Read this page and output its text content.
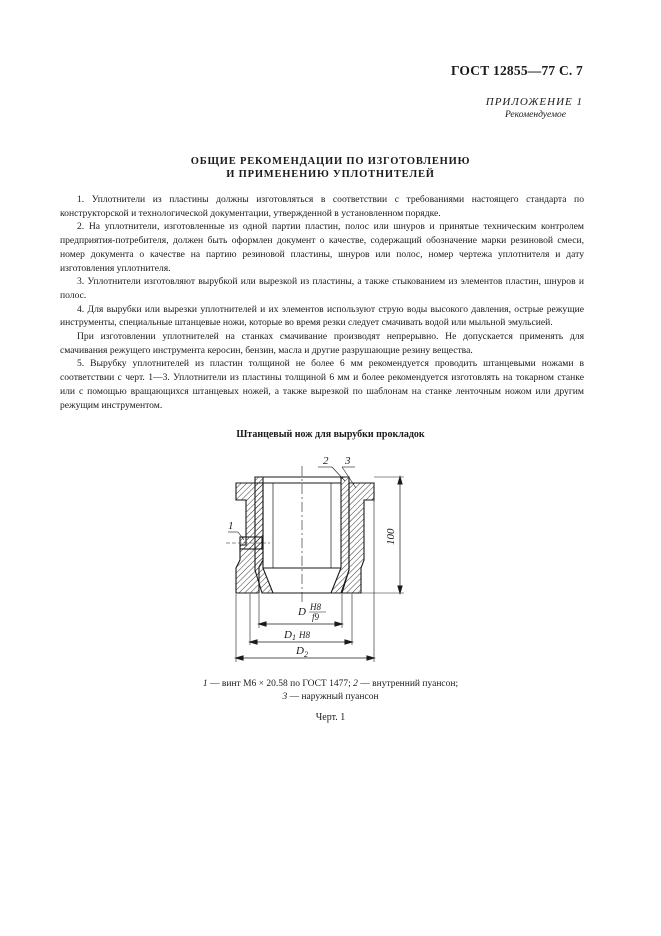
ГОСТ 12855—77 С. 7
ПРИЛОЖЕНИЕ 1
Рекомендуемое
ОБЩИЕ РЕКОМЕНДАЦИИ ПО ИЗГОТОВЛЕНИЮ
И ПРИМЕНЕНИЮ УПЛОТНИТЕЛЕЙ

1. Уплотнители из пластины должны изготовляться в соответствии с требованиями настоящего стандарта по конструкторской и технологической документации, утвержденной в установленном порядке.

2. На уплотнители, изготовленные из одной партии пластин, полос или шнуров и принятые техническим контролем предприятия-потребителя, должен быть оформлен документ о качестве, содержащий обозначение марки резиновой смеси, номер документа о качестве на партию резиновой пластины, шнуров или полос, номер чертежа уплотнителя и дату изготовления уплотнителя.

3. Уплотнители изготовляют вырубкой или вырезкой из пластины, а также стыкованием из элементов пластин, шнуров и полос.

4. Для вырубки или вырезки уплотнителей и их элементов используют струю воды высокого давления, острые режущие инструменты, специальные штанцевые ножи, которые во время резки следует смачивать водой или мыльной эмульсией.

При изготовлении уплотнителей на станках смачивание производят непрерывно. Не допускается применять для смачивания режущего инструмента керосин, бензин, масла и другие разрушающие резину вещества.

5. Вырубку уплотнителей из пластин толщиной не более 6 мм рекомендуется проводить штанцевыми ножами в соответствии с черт. 1—3. Уплотнители из пластины толщиной 6 мм и более рекомендуется изготовлять на токарном станке или с помощью вращающихся штанцевых ножей, а также вырезкой по шаблонам на станке ленточным ножом или другим режущим инструментом.

Штанцевый нож для вырубки прокладок
2 3
1
100
D H8
f9
D 1 H8
D 2
1 — винт М6 × 20.58 по ГОСТ 1477; 2 — внутренний пуансон;
3 — наружный пуансон
Черт. 1
